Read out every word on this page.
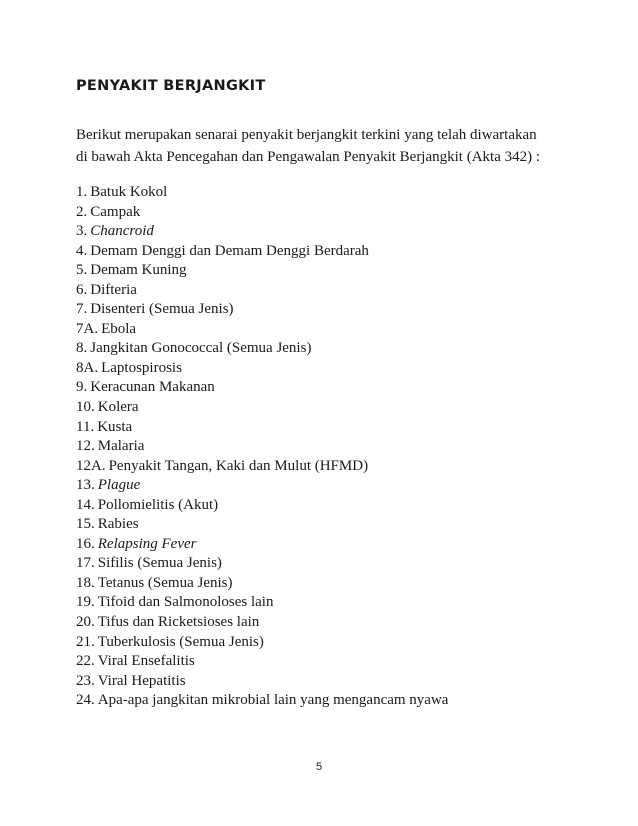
PENYAKIT BERJANGKIT
Berikut merupakan senarai penyakit berjangkit terkini yang telah diwartakan
di bawah Akta Pencegahan dan Pengawalan Penyakit Berjangkit (Akta 342) :
1. Batuk Kokol
2. Campak
3. Chancroid
4. Demam Denggi dan Demam Denggi Berdarah
5. Demam Kuning
6. Difteria
7. Disenteri (Semua Jenis)
7A. Ebola
8. Jangkitan Gonococcal (Semua Jenis)
8A. Laptospirosis
9. Keracunan Makanan
10. Kolera
11. Kusta
12. Malaria
12A. Penyakit Tangan, Kaki dan Mulut (HFMD)
13. Plague
14. Pollomielitis (Akut)
15. Rabies
16. Relapsing Fever
17. Sifilis (Semua Jenis)
18. Tetanus (Semua Jenis)
19. Tifoid dan Salmonoloses lain
20. Tifus dan Ricketsioses lain
21. Tuberkulosis (Semua Jenis)
22. Viral Ensefalitis
23. Viral Hepatitis
24. Apa-apa jangkitan mikrobial lain yang mengancam nyawa
5
